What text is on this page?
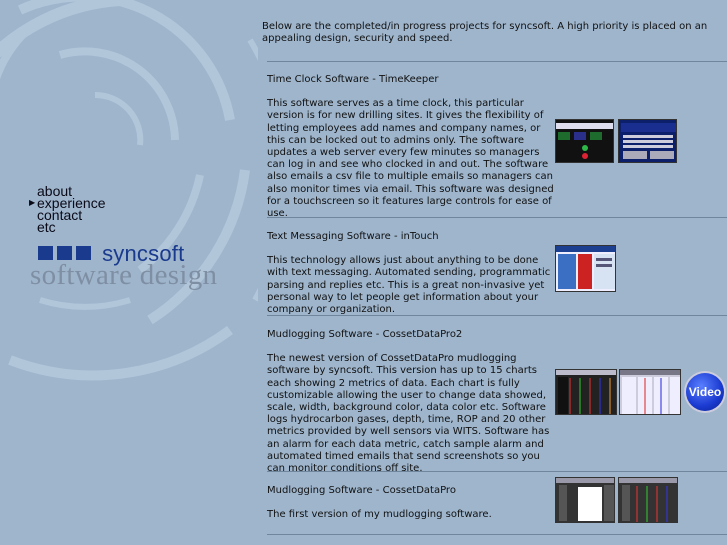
about
▶ experience
contact
etc
syncsoft
software design

Below are the completed/in progress projects for syncsoft. A high priority is placed on an appealing design, security and speed.

Time Clock Software - TimeKeeper

This software serves as a time clock, this particular version is for new drilling sites. It gives the flexibility of letting employees add names and company names, or this can be locked out to admins only. The software updates a web server every few minutes so managers can log in and see who clocked in and out. The software also emails a csv file to multiple emails so managers can also monitor times via email. This software was designed for a touchscreen so it features large controls for ease of use.

Text Messaging Software - inTouch

This technology allows just about anything to be done with text messaging. Automated sending, programmatic parsing and replies etc. This is a great non-invasive yet personal way to let people get information about your company or organization.

Mudlogging Software - CossetDataPro2

The newest version of CossetDataPro mudlogging software by syncsoft. This version has up to 15 charts each showing 2 metrics of data. Each chart is fully customizable allowing the user to change data showed, scale, width, background color, data color etc. Software logs hydrocarbon gases, depth, time, ROP and 20 other metrics provided by well sensors via WITS. Software has an alarm for each data metric, catch sample alarm and automated timed emails that send screenshots so you can monitor conditions off site.

Video

Mudlogging Software - CossetDataPro

The first version of my mudlogging software.
